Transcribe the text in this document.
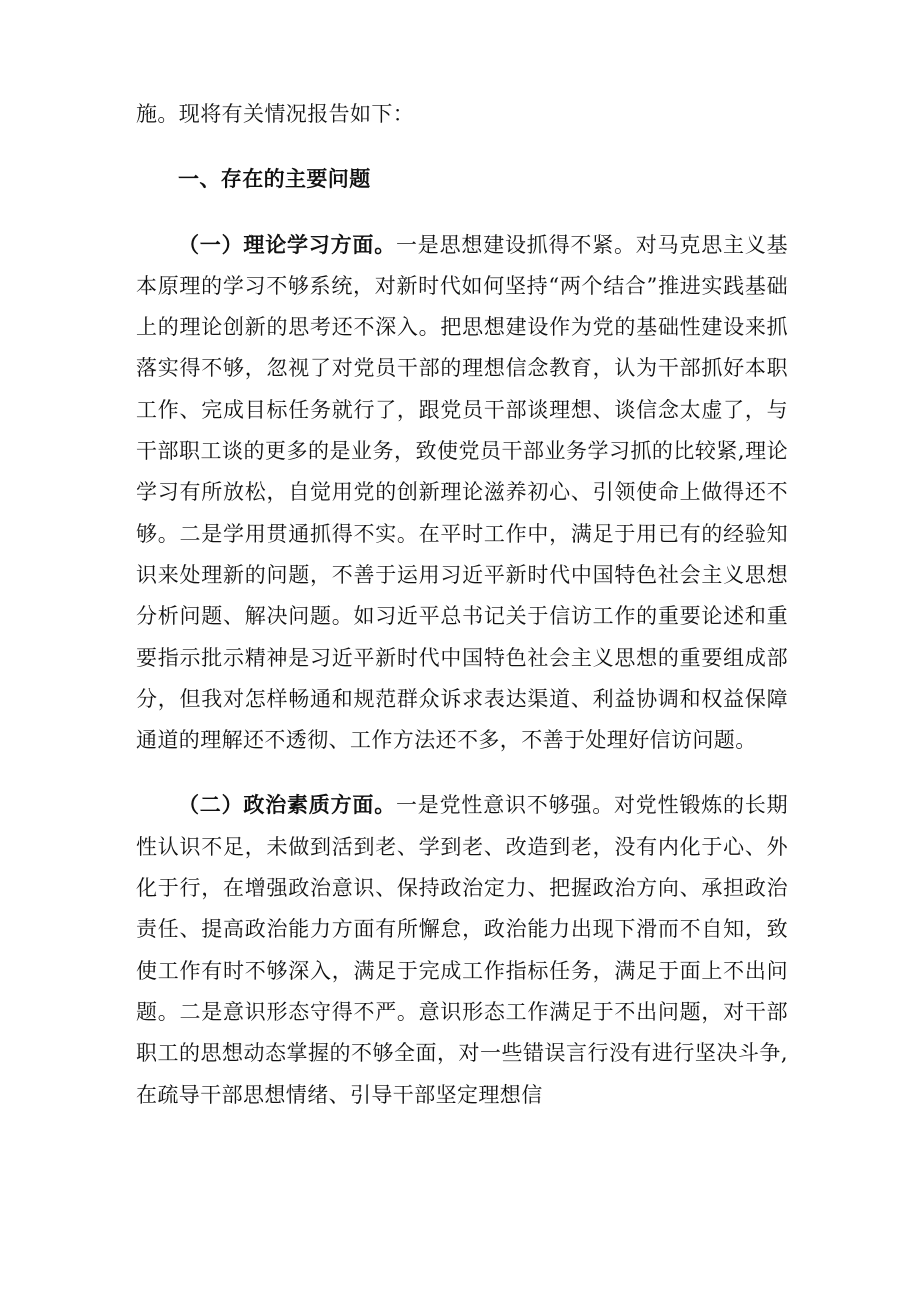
施。现将有关情况报告如下：

一、存在的主要问题

（一）理论学习方面。一是思想建设抓得不紧。对马克思主义基本原理的学习不够系统，对新时代如何坚持“两个结合”推进实践基础上的理论创新的思考还不深入。把思想建设作为党的基础性建设来抓落实得不够，忽视了对党员干部的理想信念教育，认为干部抓好本职工作、完成目标任务就行了，跟党员干部谈理想、谈信念太虚了，与干部职工谈的更多的是业务，致使党员干部业务学习抓的比较紧,理论学习有所放松，自觉用党的创新理论滋养初心、引领使命上做得还不够。二是学用贯通抓得不实。在平时工作中，满足于用已有的经验知识来处理新的问题，不善于运用习近平新时代中国特色社会主义思想分析问题、解决问题。如习近平总书记关于信访工作的重要论述和重要指示批示精神是习近平新时代中国特色社会主义思想的重要组成部分，但我对怎样畅通和规范群众诉求表达渠道、利益协调和权益保障通道的理解还不透彻、工作方法还不多，不善于处理好信访问题。

（二）政治素质方面。一是党性意识不够强。对党性锻炼的长期性认识不足，未做到活到老、学到老、改造到老，没有内化于心、外化于行，在增强政治意识、保持政治定力、把握政治方向、承担政治责任、提高政治能力方面有所懈怠，政治能力出现下滑而不自知，致使工作有时不够深入，满足于完成工作指标任务，满足于面上不出问题。二是意识形态守得不严。意识形态工作满足于不出问题，对干部职工的思想动态掌握的不够全面，对一些错误言行没有进行坚决斗争,在疏导干部思想情绪、引导干部坚定理想信
